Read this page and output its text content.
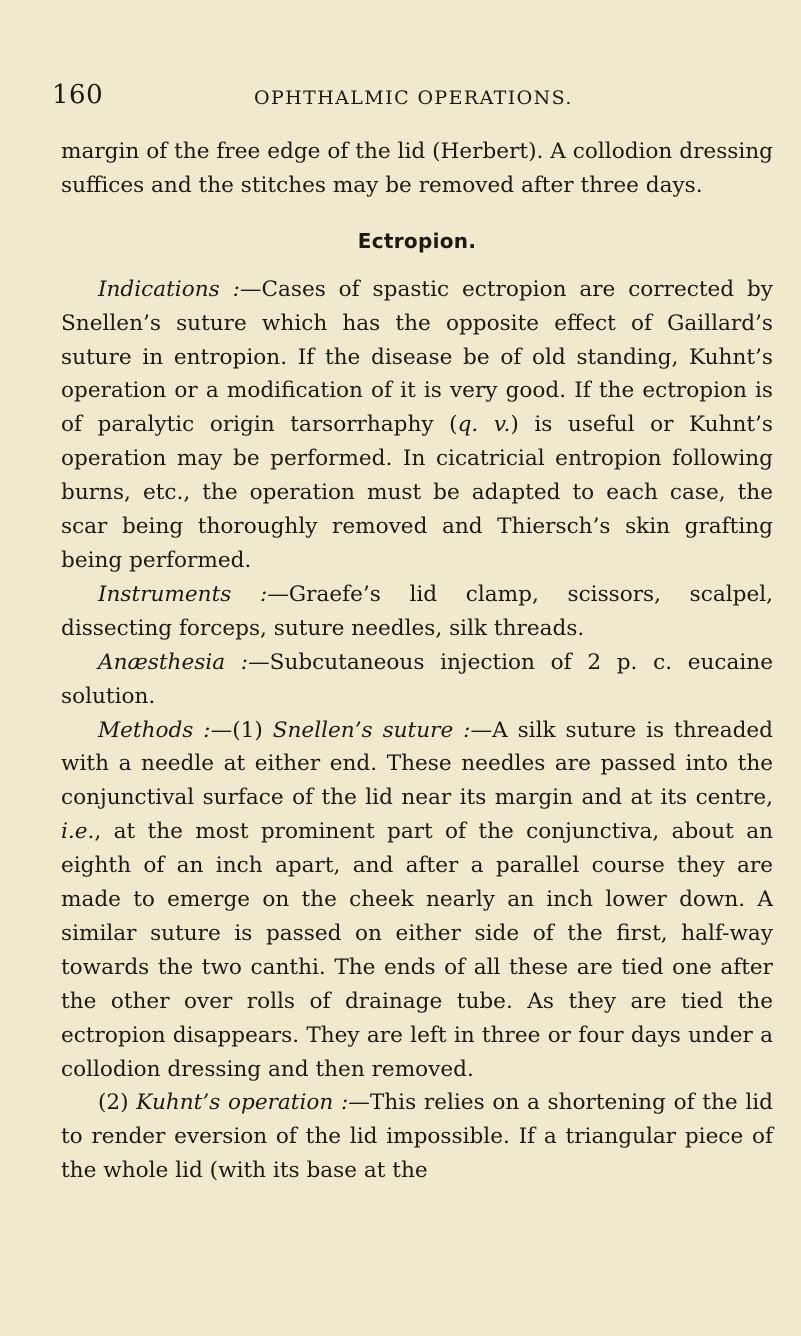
160	OPHTHALMIC OPERATIONS.

margin of the free edge of the lid (Herbert). A collodion dressing suffices and the stitches may be removed after three days.

Ectropion.

Indications :—Cases of spastic ectropion are corrected by Snellen’s suture which has the opposite effect of Gaillard’s suture in entropion. If the disease be of old standing, Kuhnt’s operation or a modification of it is very good. If the ectropion is of paralytic origin tarsorrhaphy (q. v.) is useful or Kuhnt’s operation may be performed. In cicatricial entropion following burns, etc., the operation must be adapted to each case, the scar being thoroughly removed and Thiersch’s skin grafting being performed.

Instruments :—Graefe’s lid clamp, scissors, scalpel, dissecting forceps, suture needles, silk threads.

Anæsthesia :—Subcutaneous injection of 2 p. c. eucaine solution.

Methods :—(1) Snellen’s suture :—A silk suture is threaded with a needle at either end. These needles are passed into the conjunctival surface of the lid near its margin and at its centre, i.e., at the most prominent part of the conjunctiva, about an eighth of an inch apart, and after a parallel course they are made to emerge on the cheek nearly an inch lower down. A similar suture is passed on either side of the first, half-way towards the two canthi. The ends of all these are tied one after the other over rolls of drainage tube. As they are tied the ectropion disappears. They are left in three or four days under a collodion dressing and then removed.

(2) Kuhnt’s operation :—This relies on a shortening of the lid to render eversion of the lid impossible. If a triangular piece of the whole lid (with its base at the
